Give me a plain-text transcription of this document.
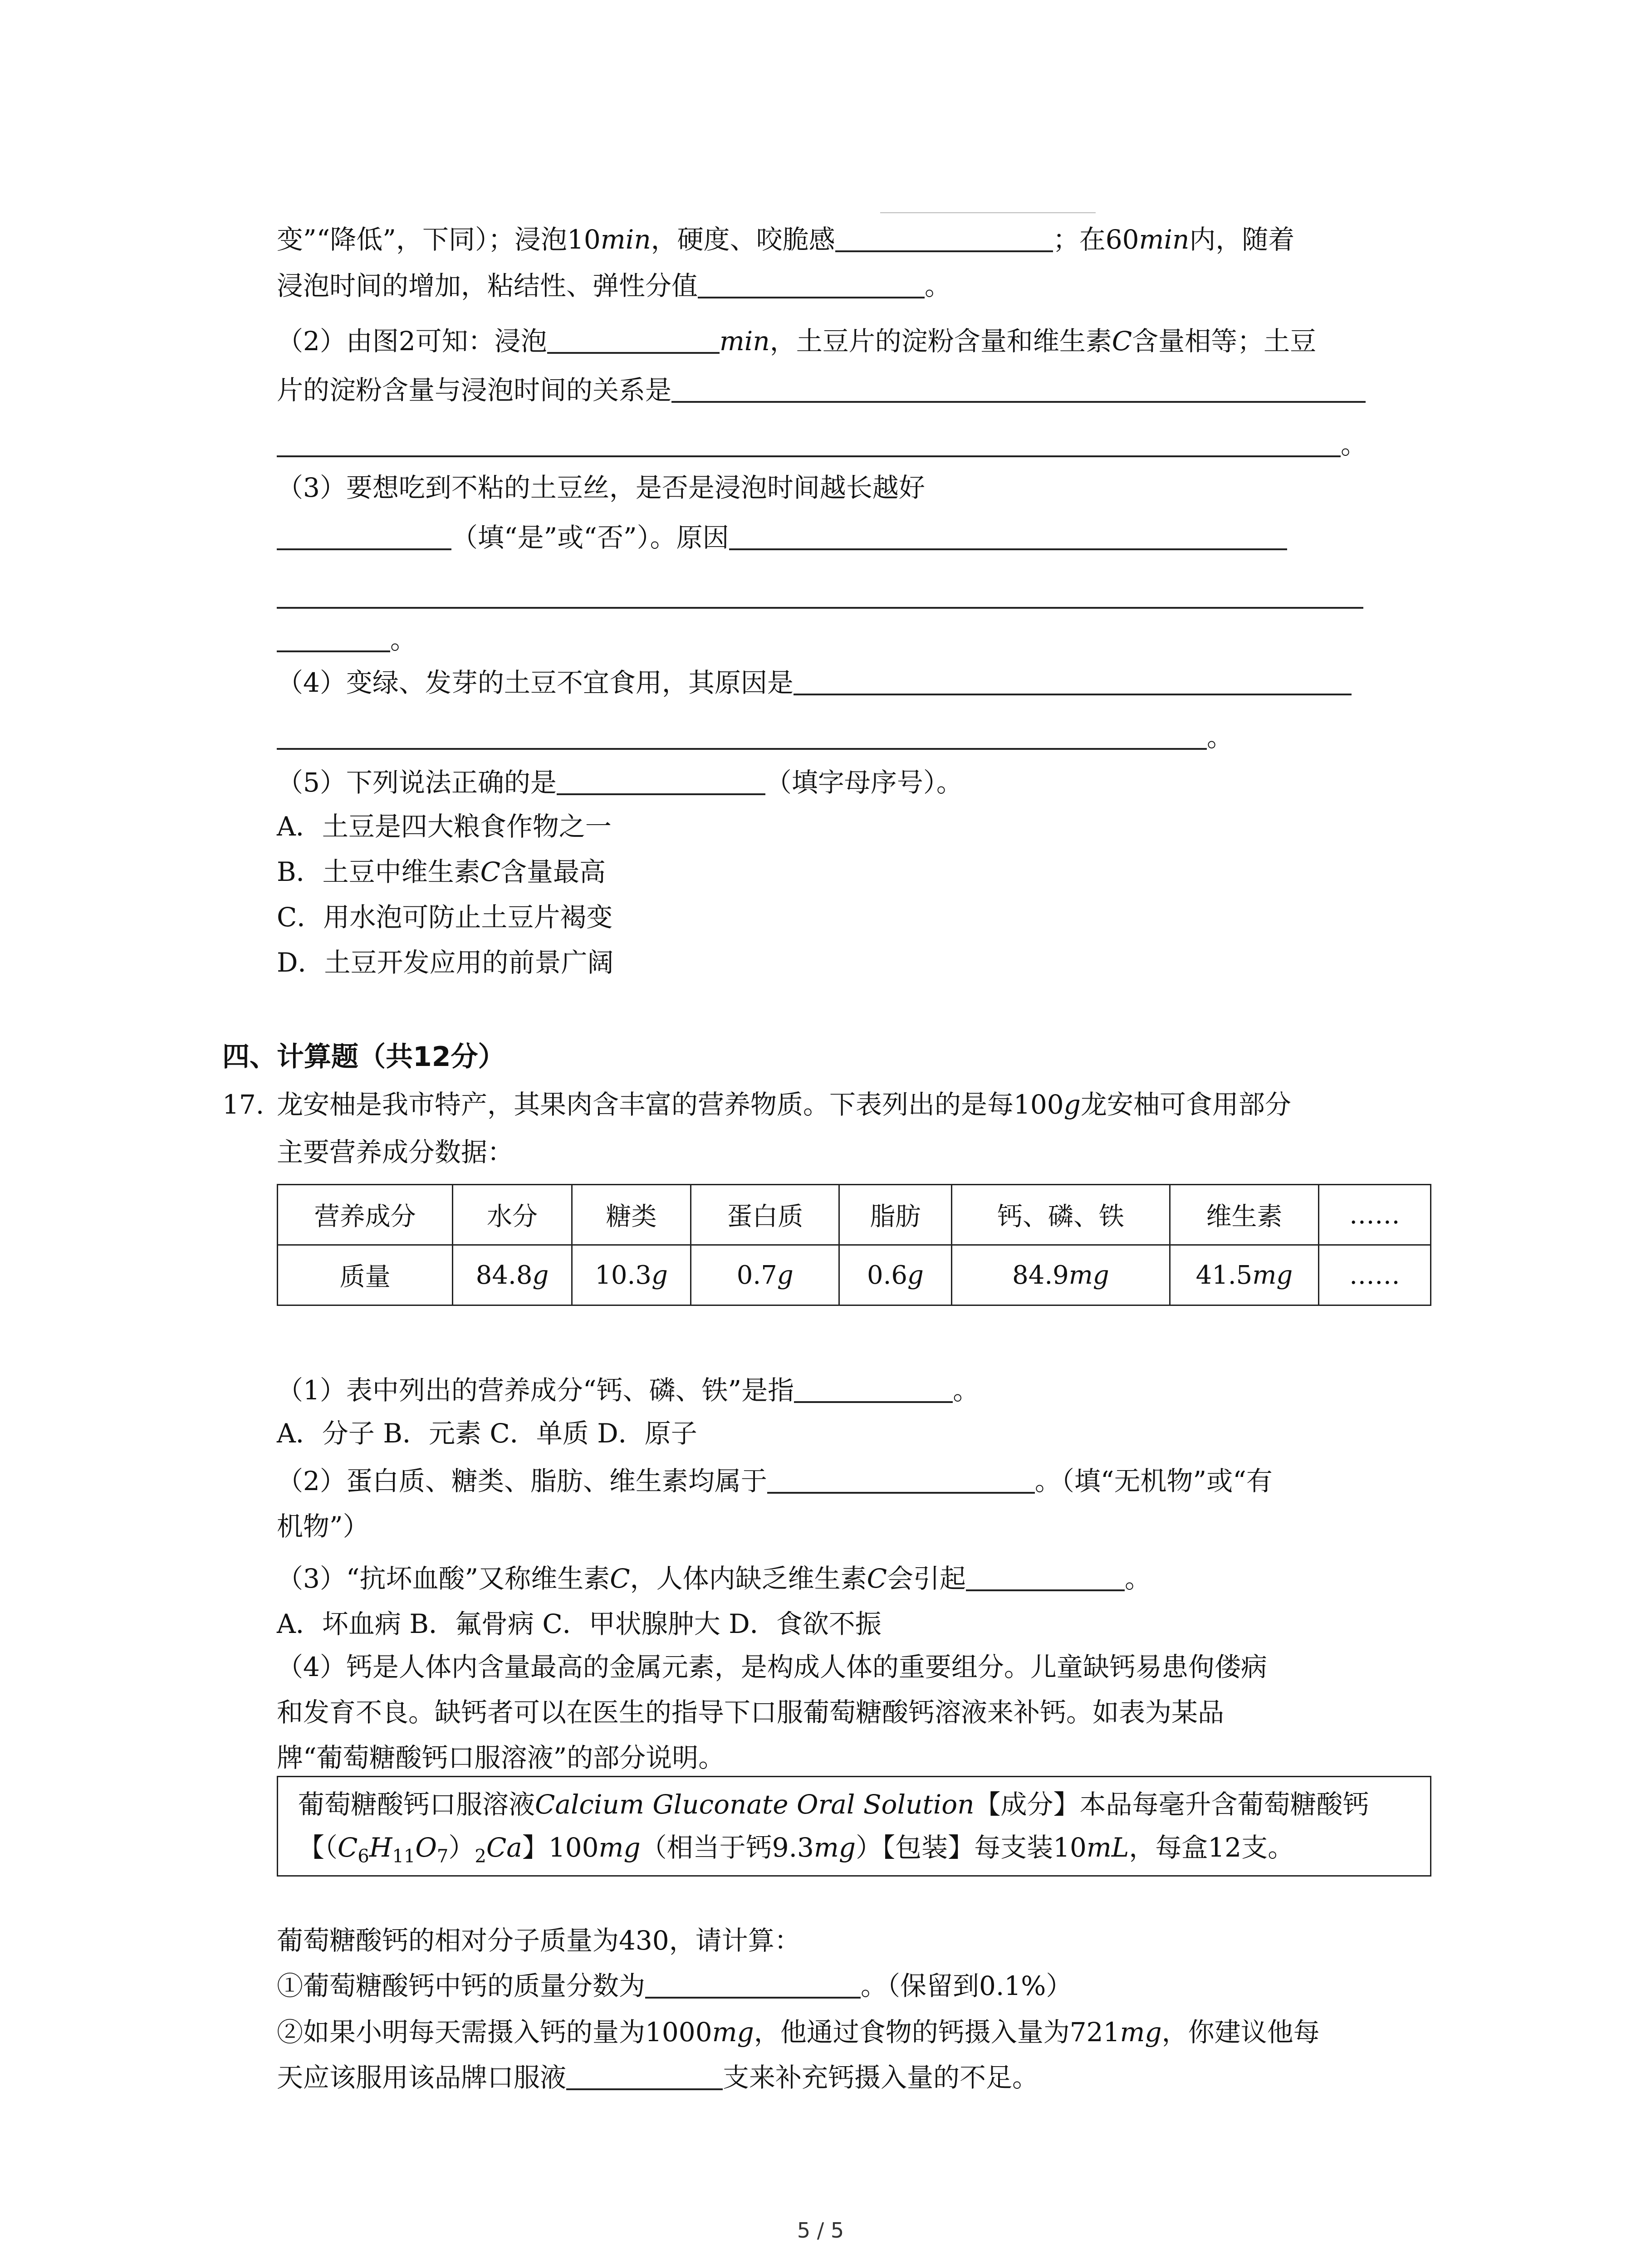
变”“降低”，下同）；浸泡10min，硬度、咬脆感	；在60min内，随着
浸泡时间的增加，粘结性、弹性分值	。
（2）由图2可知：浸泡	min，土豆片的淀粉含量和维生素C含量相等；土豆
片的淀粉含量与浸泡时间的关系是
。
（3）要想吃到不粘的土豆丝，是否是浸泡时间越长越好
（填“是”或“否”）。原因
。
（4）变绿、发芽的土豆不宜食用，其原因是
。
（5）下列说法正确的是	（填字母序号）。
A．土豆是四大粮食作物之一
B．土豆中维生素C含量最高
C．用水泡可防止土豆片褐变
D．土豆开发应用的前景广阔
四、计算题（共12分）
17. 龙安柚是我市特产，其果肉含丰富的营养物质。下表列出的是每100g龙安柚可食用部分
主要营养成分数据：
营养成分	水分	糖类	蛋白质	脂肪	钙、磷、铁	维生素	……
质量	84.8g	10.3g	0.7g	0.6g	84.9mg	41.5mg	……
（1）表中列出的营养成分“钙、磷、铁”是指	。
A．分子 B．元素 C．单质 D．原子
（2）蛋白质、糖类、脂肪、维生素均属于	。（填“无机物”或“有
机物”）
（3）“抗坏血酸”又称维生素C，人体内缺乏维生素C会引起	。
A．坏血病 B．氟骨病 C．甲状腺肿大 D．食欲不振
（4）钙是人体内含量最高的金属元素，是构成人体的重要组分。儿童缺钙易患佝偻病
和发育不良。缺钙者可以在医生的指导下口服葡萄糖酸钙溶液来补钙。如表为某品
牌“葡萄糖酸钙口服溶液”的部分说明。
葡萄糖酸钙口服溶液Calcium Gluconate Oral Solution【成分】本品每毫升含葡萄糖酸钙
【$(C_6H_{11}O_7)_2Ca$】100mg（相当于钙9.3mg）【包装】每支装10mL，每盒12支。
葡萄糖酸钙的相对分子质量为430，请计算：
①葡萄糖酸钙中钙的质量分数为	。（保留到0.1%）
②如果小明每天需摄入钙的量为1000mg，他通过食物的钙摄入量为721mg，你建议他每
天应该服用该品牌口服液	支来补充钙摄入量的不足。
5 / 5
